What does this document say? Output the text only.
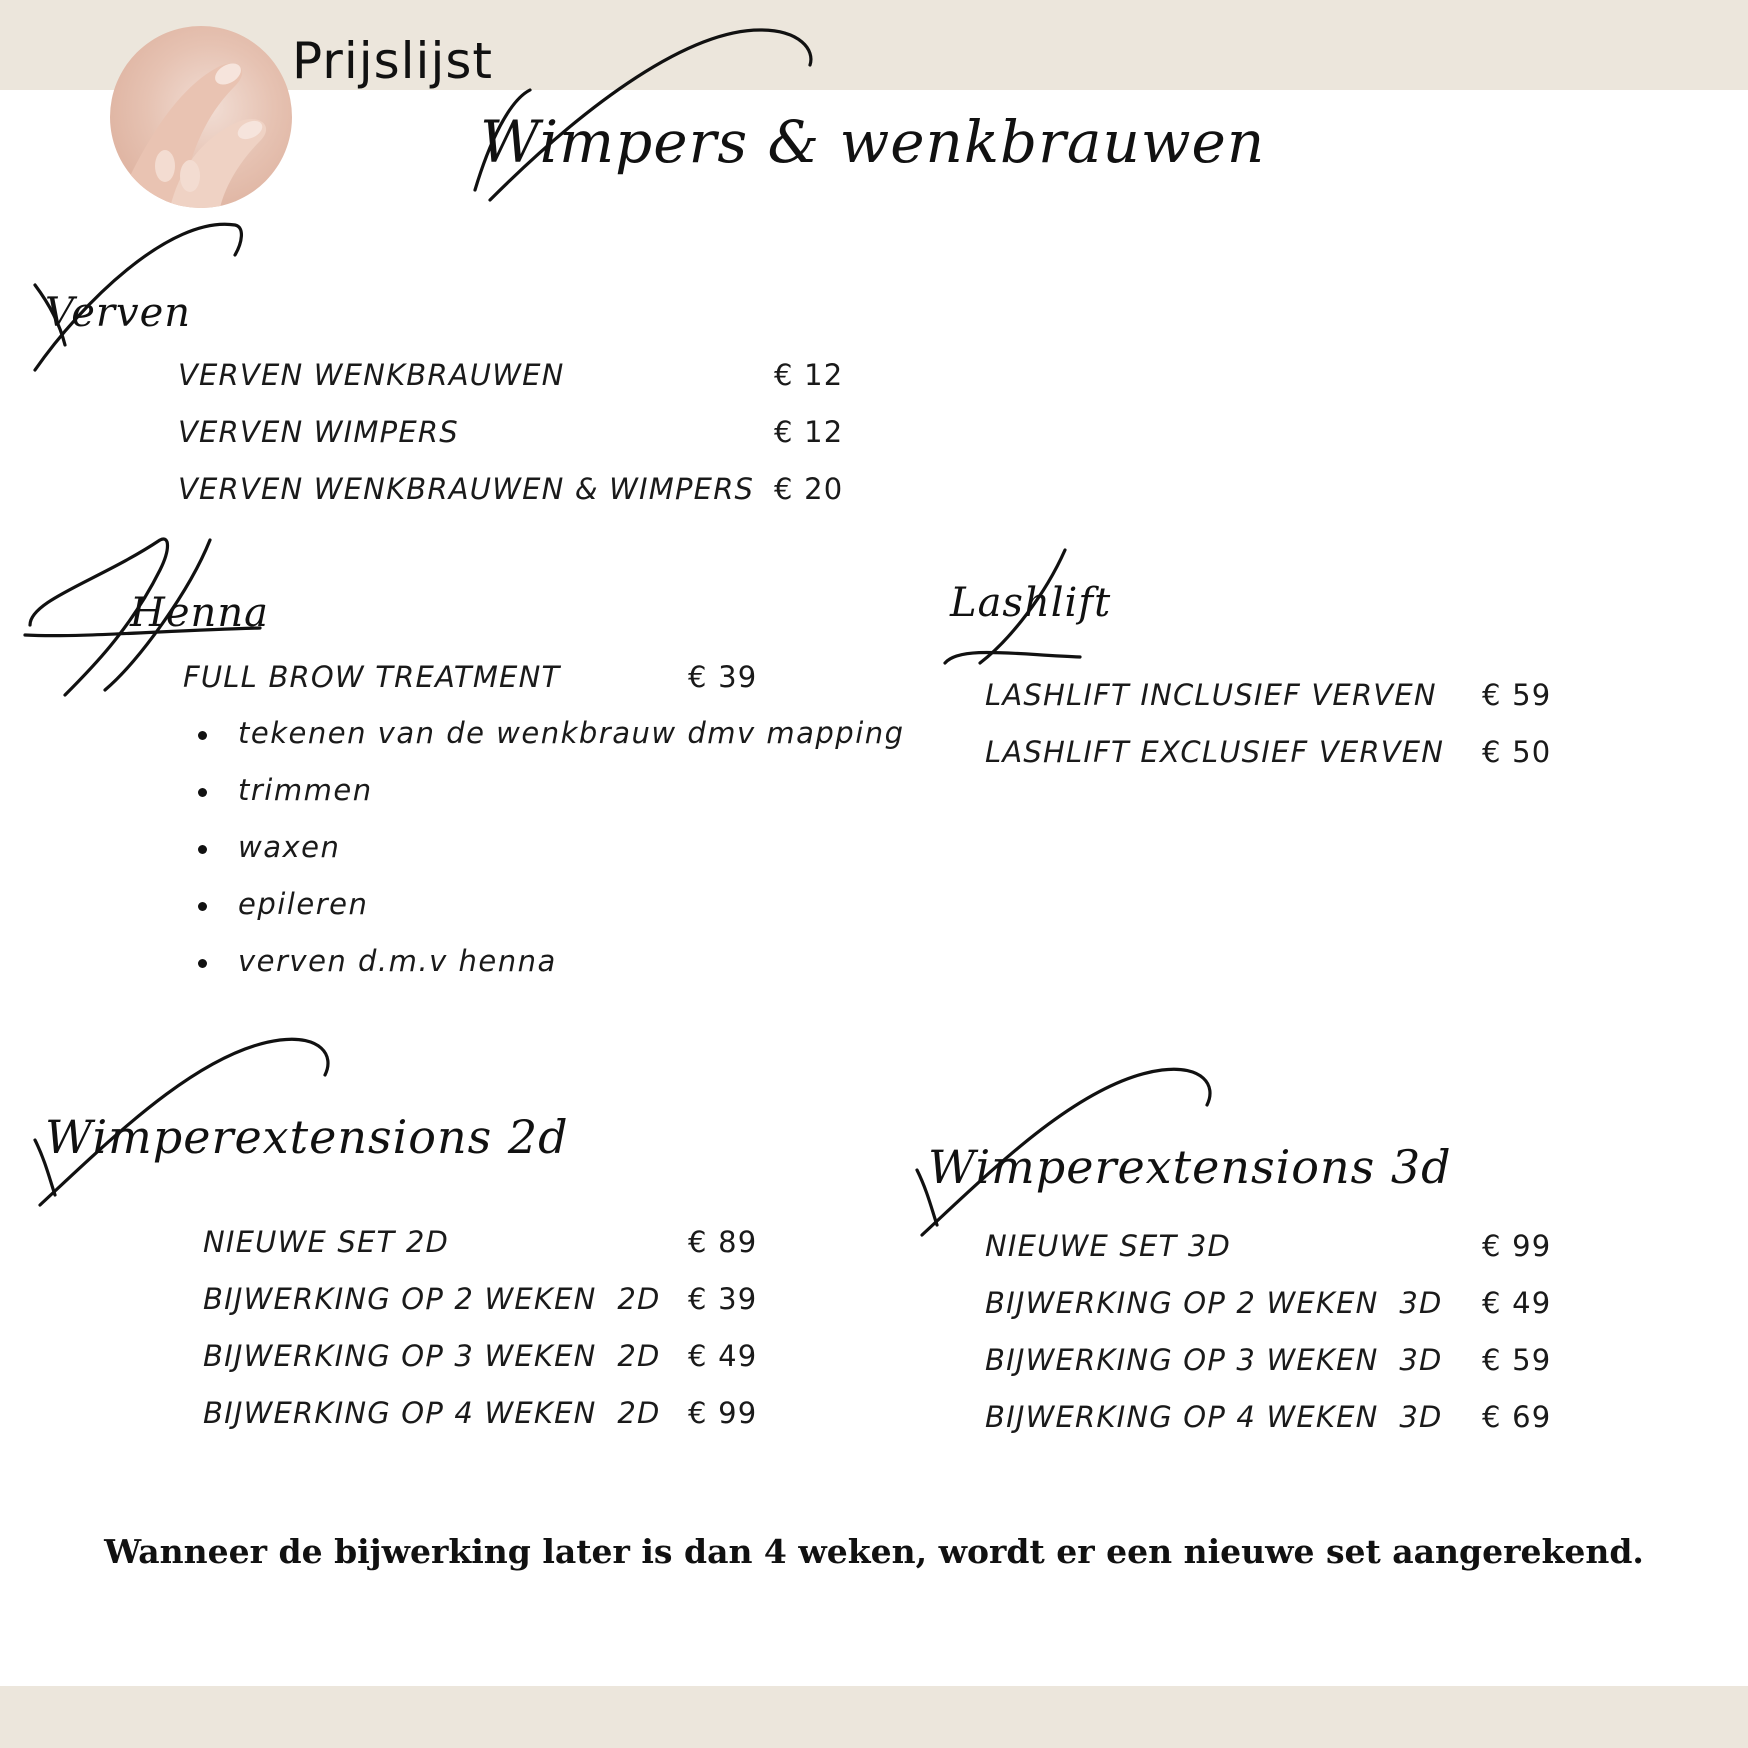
Prijslijst
Wimpers & wenkbrauwen
Verven
VERVEN WENKBRAUWEN	€ 12
VERVEN WIMPERS	€ 12
VERVEN WENKBRAUWEN & WIMPERS € 20
Henna
FULL BROW TREATMENT	€ 39
tekenen van de wenkbrauw dmv mapping
trimmen
waxen
epileren
verven d.m.v henna
Lashlift
LASHLIFT INCLUSIEF VERVEN € 59
LASHLIFT EXCLUSIEF VERVEN € 50
Wimperextensions 2d
NIEUWE SET 2D	€ 89
BIJWERKING OP 2 WEKEN  2D € 39
BIJWERKING OP 3 WEKEN  2D € 49
BIJWERKING OP 4 WEKEN  2D € 99
Wimperextensions 3d
NIEUWE SET 3D	€ 99
BIJWERKING OP 2 WEKEN  3D € 49
BIJWERKING OP 3 WEKEN  3D € 59
BIJWERKING OP 4 WEKEN  3D € 69
Wanneer de bijwerking later is dan 4 weken, wordt er een nieuwe set aangerekend.
